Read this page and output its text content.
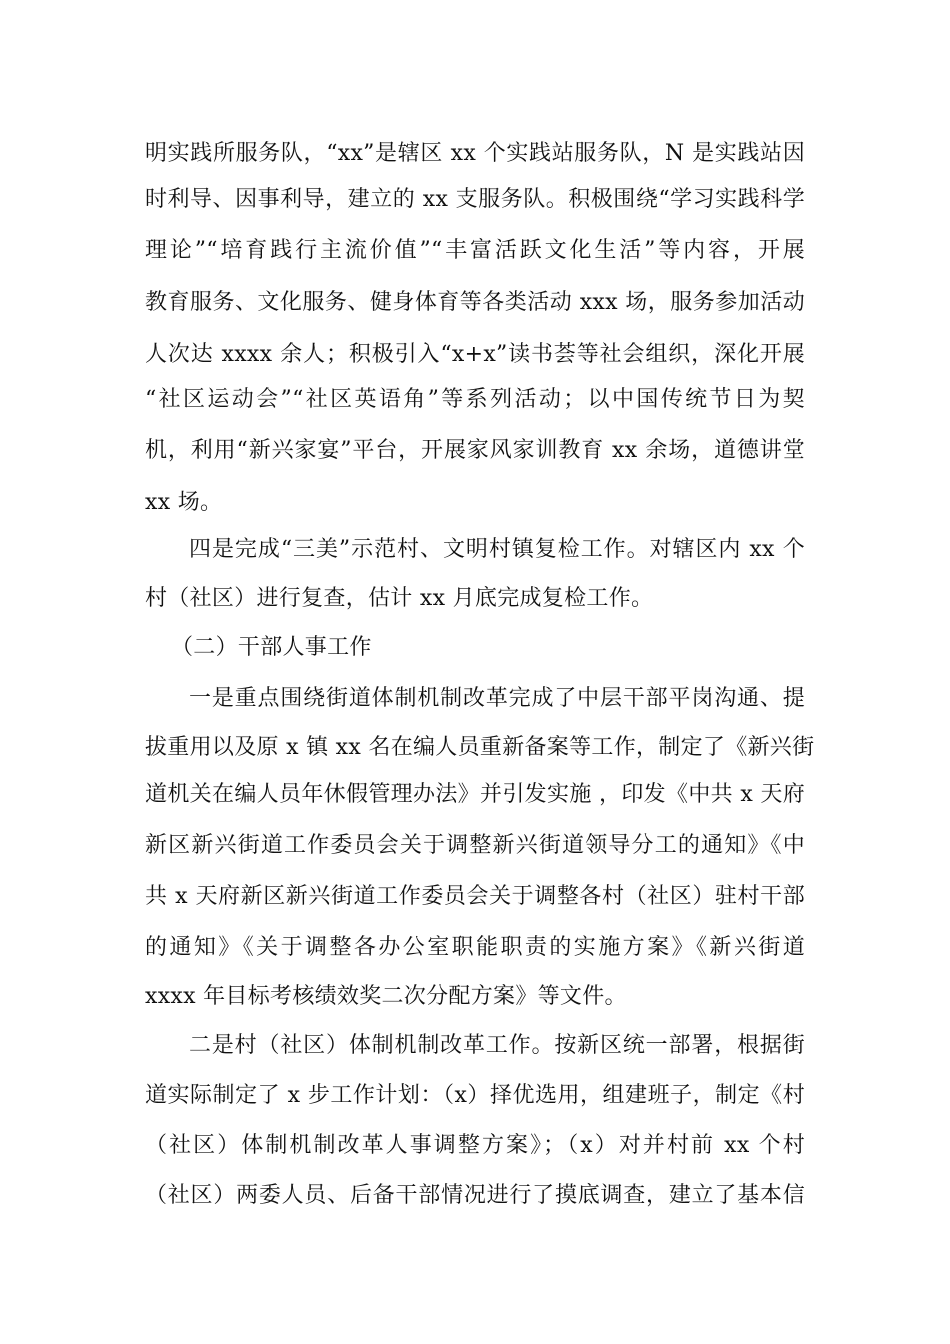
明实践所服务队，“xx”是辖区 xx 个实践站服务队，N 是实践站因
时利导、因事利导，建立的 xx 支服务队。积极围绕“学习实践科学
理论”“培育践行主流价值”“丰富活跃文化生活”等内容，开展
教育服务、文化服务、健身体育等各类活动 xxx 场，服务参加活动
人次达 xxxx 余人；积极引入“x+x”读书荟等社会组织，深化开展
“社区运动会”“社区英语角”等系列活动；以中国传统节日为契
机，利用“新兴家宴”平台，开展家风家训教育 xx 余场，道德讲堂
xx 场。
四是完成“三美”示范村、文明村镇复检工作。对辖区内 xx 个
村（社区）进行复查，估计 xx 月底完成复检工作。
（二）干部人事工作
一是重点围绕街道体制机制改革完成了中层干部平岗沟通、提
拔重用以及原 x 镇 xx 名在编人员重新备案等工作，制定了《新兴街
道机关在编人员年休假管理办法》并引发实施 ，印发《中共 x 天府
新区新兴街道工作委员会关于调整新兴街道领导分工的通知》《中
共 x 天府新区新兴街道工作委员会关于调整各村（社区）驻村干部
的通知》《关于调整各办公室职能职责的实施方案》《新兴街道
xxxx 年目标考核绩效奖二次分配方案》等文件。
二是村（社区）体制机制改革工作。按新区统一部署，根据街
道实际制定了 x 步工作计划：（x）择优选用，组建班子，制定《村
（社区）体制机制改革人事调整方案》；（x）对并村前 xx 个村
（社区）两委人员、后备干部情况进行了摸底调查，建立了基本信
